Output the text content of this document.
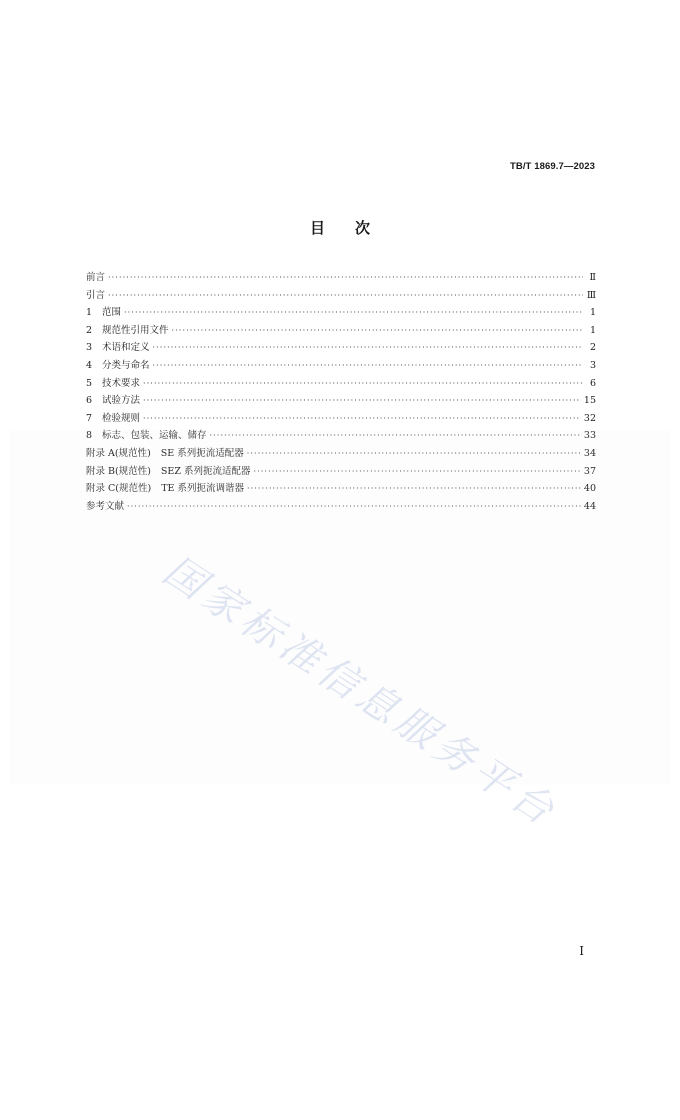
TB/T 1869.7—2023
目次
前言 ·····	Ⅱ
引言 ·····	Ⅲ
1 范围 ·····	1
2 规范性引用文件 ·····	1
3 术语和定义 ·····	2
4 分类与命名 ·····	3
5 技术要求 ·····	6
6 试验方法 ·····	15
7 检验规则 ·····	32
8 标志、包装、运输、储存 ·····	33
附录 A(规范性) SE 系列扼流适配器 ·····	34
附录 B(规范性) SEZ 系列扼流适配器 ·····	37
附录 C(规范性) TE 系列扼流调谐器 ·····	40
参考文献 ·····	44
I
国家标准信息服务平台
